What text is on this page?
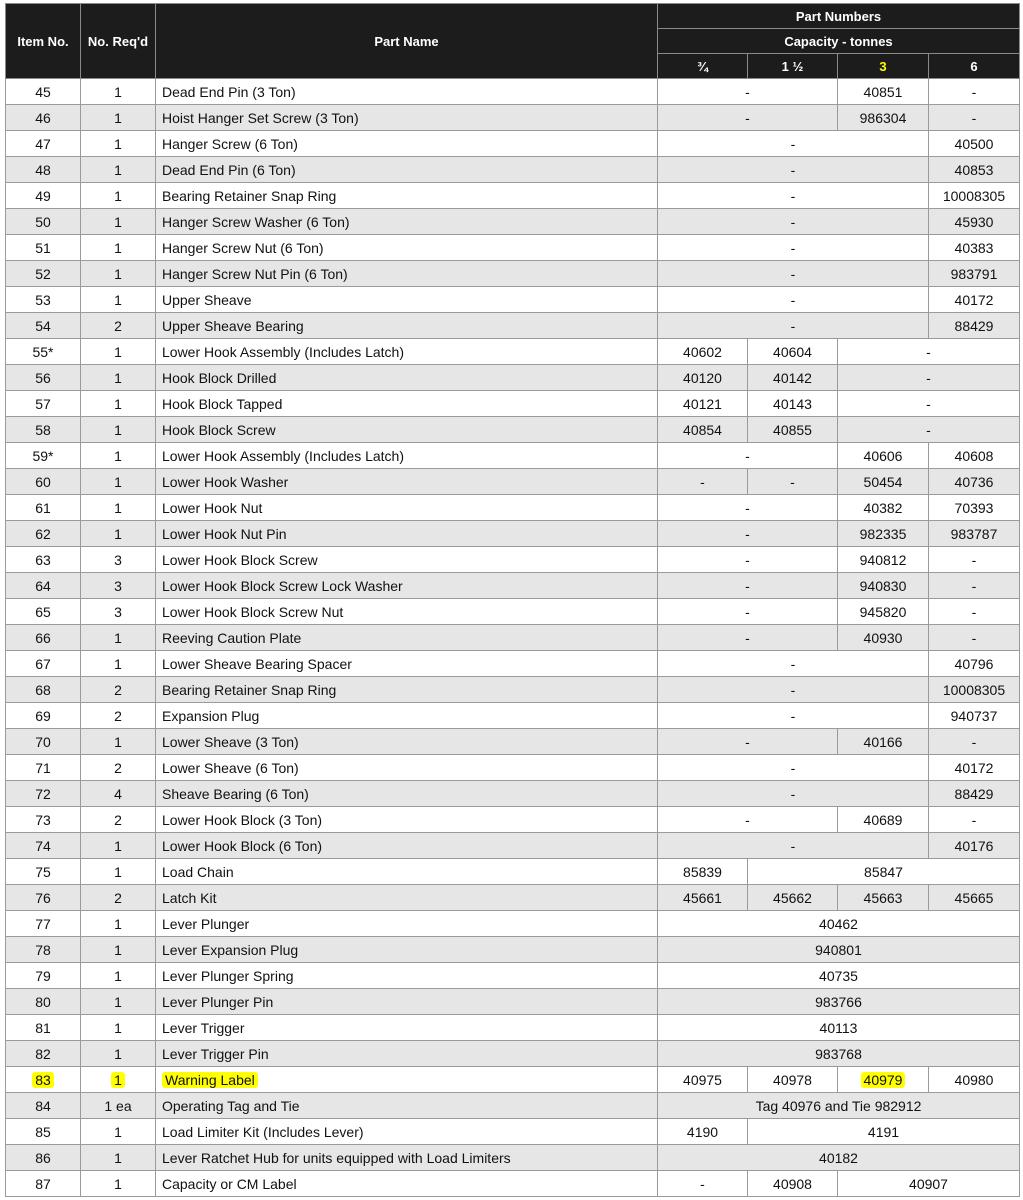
Item No.	No. Req'd	Part Name	Part Numbers			
			Capacity - tonnes			
			¾	1 ½	3	6
45	1	Dead End Pin (3 Ton)	-		40851	-
46	1	Hoist Hanger Set Screw (3 Ton)	-		986304	-
47	1	Hanger Screw (6 Ton)	-			40500
48	1	Dead End Pin (6 Ton)	-			40853
49	1	Bearing Retainer Snap Ring	-			10008305
50	1	Hanger Screw Washer (6 Ton)	-			45930
51	1	Hanger Screw Nut (6 Ton)	-			40383
52	1	Hanger Screw Nut Pin (6 Ton)	-			983791
53	1	Upper Sheave	-			40172
54	2	Upper Sheave Bearing	-			88429
55*	1	Lower Hook Assembly (Includes Latch)	40602	40604	-	
56	1	Hook Block Drilled	40120	40142	-	
57	1	Hook Block Tapped	40121	40143	-	
58	1	Hook Block Screw	40854	40855	-	
59*	1	Lower Hook Assembly (Includes Latch)	-		40606	40608
60	1	Lower Hook Washer	-	-	50454	40736
61	1	Lower Hook Nut	-		40382	70393
62	1	Lower Hook Nut Pin	-		982335	983787
63	3	Lower Hook Block Screw	-		940812	-
64	3	Lower Hook Block Screw Lock Washer	-		940830	-
65	3	Lower Hook Block Screw Nut	-		945820	-
66	1	Reeving Caution Plate	-		40930	-
67	1	Lower Sheave Bearing Spacer	-			40796
68	2	Bearing Retainer Snap Ring	-			10008305
69	2	Expansion Plug	-			940737
70	1	Lower Sheave (3 Ton)	-		40166	-
71	2	Lower Sheave (6 Ton)	-			40172
72	4	Sheave Bearing (6 Ton)	-			88429
73	2	Lower Hook Block (3 Ton)	-		40689	-
74	1	Lower Hook Block (6 Ton)	-			40176
75	1	Load Chain	85839	85847		
76	2	Latch Kit	45661	45662	45663	45665
77	1	Lever Plunger	40462			
78	1	Lever Expansion Plug	940801			
79	1	Lever Plunger Spring	40735			
80	1	Lever Plunger Pin	983766			
81	1	Lever Trigger	40113			
82	1	Lever Trigger Pin	983768			
83	1	Warning Label	40975	40978	40979	40980
84	1 ea	Operating Tag and Tie	Tag 40976 and Tie 982912			
85	1	Load Limiter Kit (Includes Lever)	4190	4191		
86	1	Lever Ratchet Hub for units equipped with Load Limiters	40182			
87	1	Capacity or CM Label	-	40908	40907	
